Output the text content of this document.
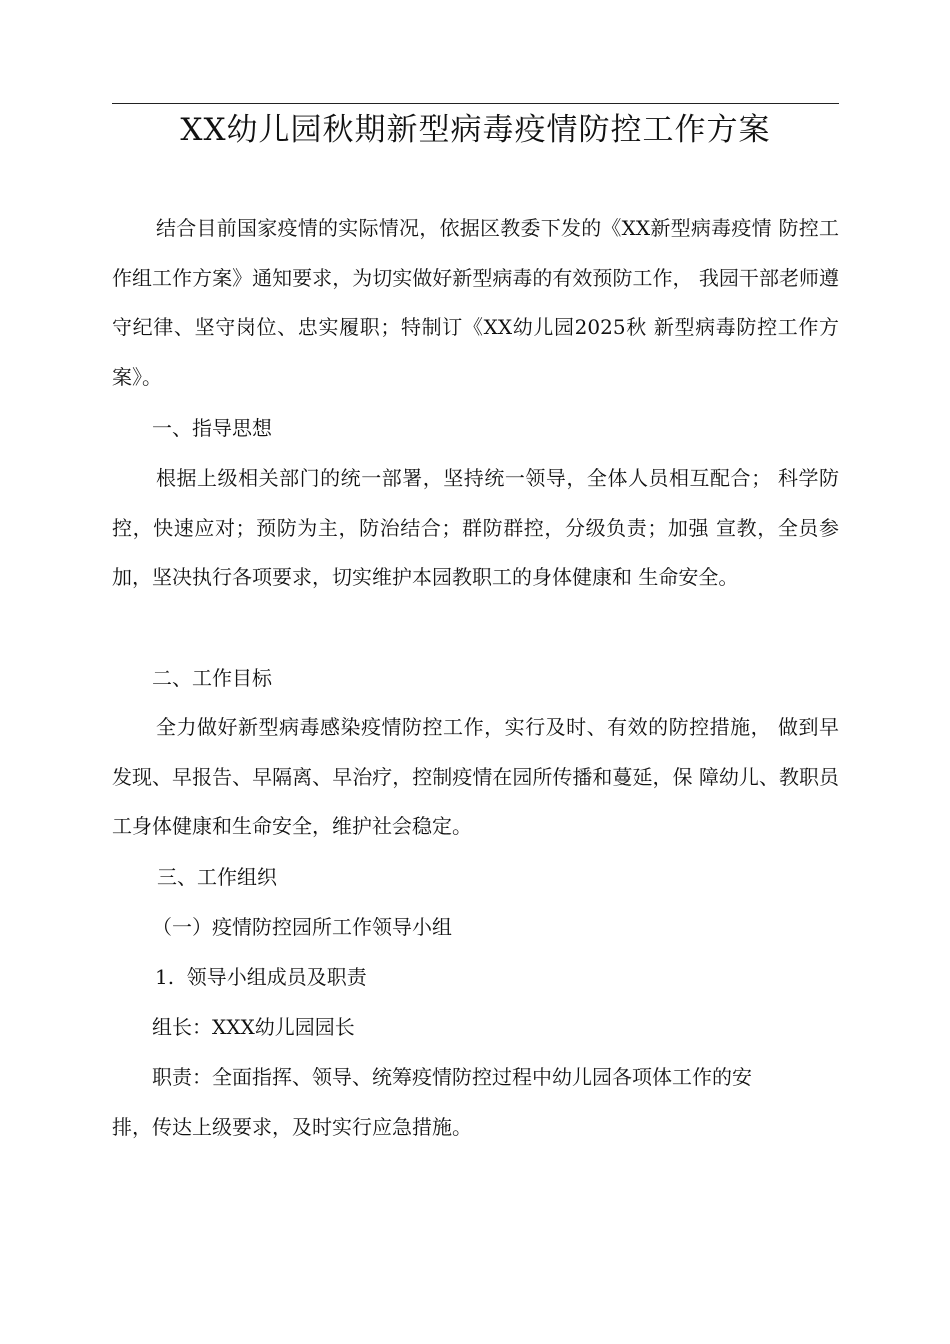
XX幼儿园秋期新型病毒疫情防控工作方案

结合目前国家疫情的实际情况，依据区教委下发的《XX新型病毒疫情 防控工作组工作方案》通知要求，为切实做好新型病毒的有效预防工作， 我园干部老师遵守纪律、坚守岗位、忠实履职；特制订《XX幼儿园2025秋 新型病毒防控工作方案》。

一、指导思想

根据上级相关部门的统一部署，坚持统一领导，全体人员相互配合； 科学防控，快速应对；预防为主，防治结合；群防群控，分级负责；加强 宣教，全员参加，坚决执行各项要求，切实维护本园教职工的身体健康和 生命安全。

二、工作目标

全力做好新型病毒感染疫情防控工作，实行及时、有效的防控措施， 做到早发现、早报告、早隔离、早治疗，控制疫情在园所传播和蔓延，保 障幼儿、教职员工身体健康和生命安全，维护社会稳定。

三、工作组织

（一）疫情防控园所工作领导小组

1.  领导小组成员及职责

组长：XXX幼儿园园长

职责：全面指挥、领导、统筹疫情防控过程中幼儿园各项体工作的安

排，传达上级要求，及时实行应急措施。
